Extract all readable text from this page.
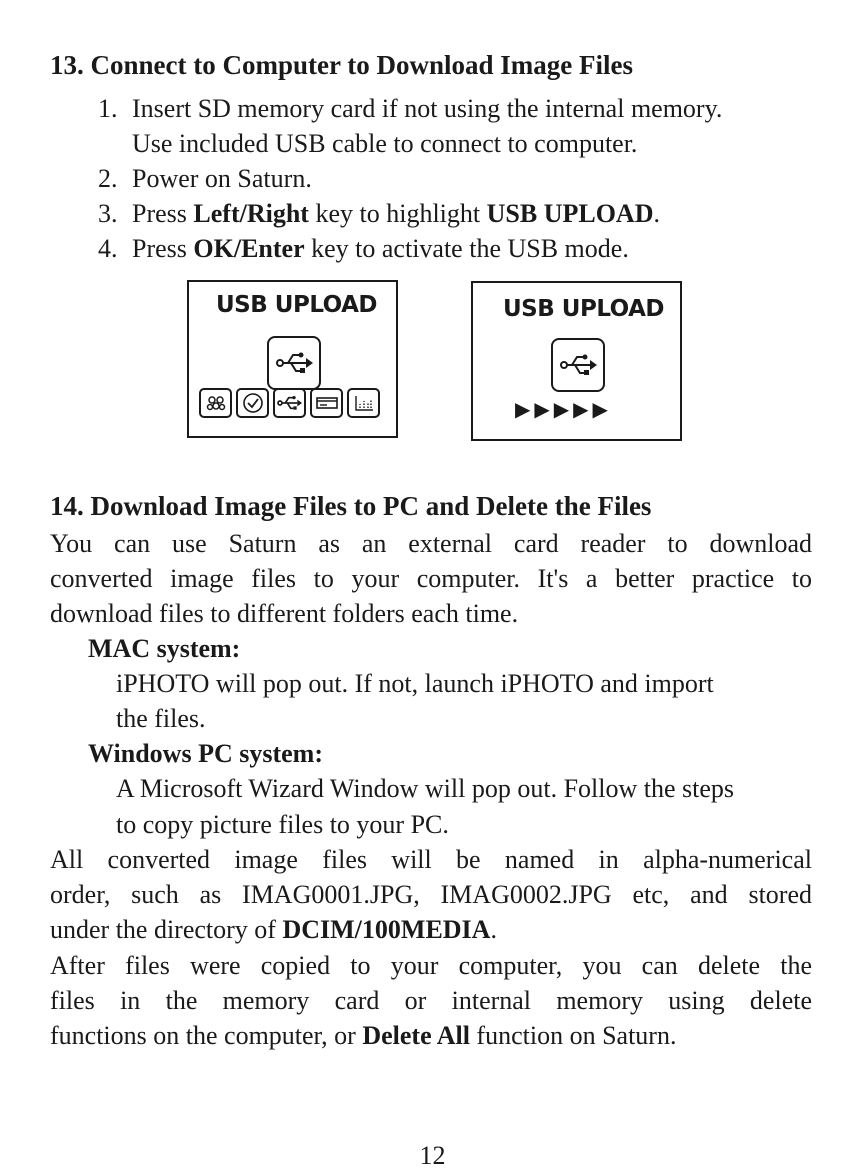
13. Connect to Computer to Download Image Files
1. Insert SD memory card if not using the internal memory.
Use included USB cable to connect to computer.
2. Power on Saturn.
3. Press Left/Right key to highlight USB UPLOAD.
4. Press OK/Enter key to activate the USB mode.
USB UPLOAD	USB UPLOAD
▶▶▶▶▶
14. Download Image Files to PC and Delete the Files
You can use Saturn as an external card reader to download
converted image files to your computer. It's a better practice to
download files to different folders each time.
MAC system:
iPHOTO will pop out. If not, launch iPHOTO and import
the files.
Windows PC system:
A Microsoft Wizard Window will pop out. Follow the steps
to copy picture files to your PC.
All converted image files will be named in alpha-numerical
order, such as IMAG0001.JPG, IMAG0002.JPG etc, and stored
under the directory of DCIM/100MEDIA.
After files were copied to your computer, you can delete the
files in the memory card or internal memory using delete
functions on the computer, or Delete All function on Saturn.
12
